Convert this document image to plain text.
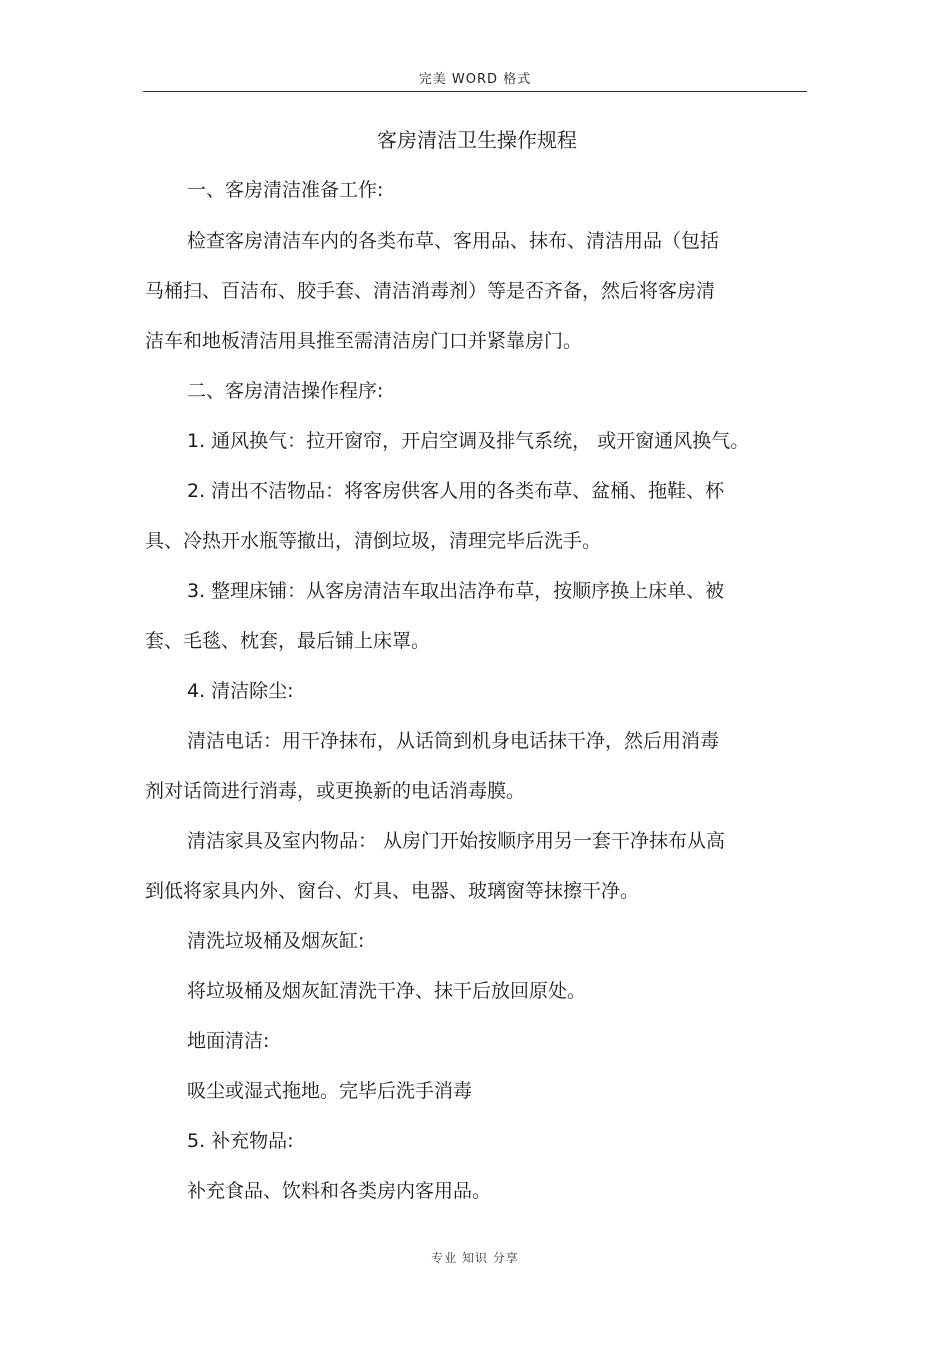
完美 WORD 格式
客房清洁卫生操作规程
一、客房清洁准备工作:
检查客房清洁车内的各类布草、客用品、抹布、清洁用品（包括
马桶扫、百洁布、胶手套、清洁消毒剂）等是否齐备，然后将客房清
洁车和地板清洁用具推至需清洁房门口并紧靠房门。
二、客房清洁操作程序:
1. 通风换气：拉开窗帘，开启空调及排气系统， 或开窗通风换气。
2. 清出不洁物品：将客房供客人用的各类布草、盆桶、拖鞋、杯
具、冷热开水瓶等撤出，清倒垃圾，清理完毕后洗手。
3. 整理床铺：从客房清洁车取出洁净布草，按顺序换上床单、被
套、毛毯、枕套，最后铺上床罩。
4. 清洁除尘:
清洁电话：用干净抹布，从话筒到机身电话抹干净，然后用消毒
剂对话筒进行消毒，或更换新的电话消毒膜。
清洁家具及室内物品： 从房门开始按顺序用另一套干净抹布从高
到低将家具内外、窗台、灯具、电器、玻璃窗等抹擦干净。
清洗垃圾桶及烟灰缸:
将垃圾桶及烟灰缸清洗干净、抹干后放回原处。
地面清洁:
吸尘或湿式拖地。完毕后洗手消毒
5. 补充物品:
补充食品、饮料和各类房内客用品。
专业 知识 分享
